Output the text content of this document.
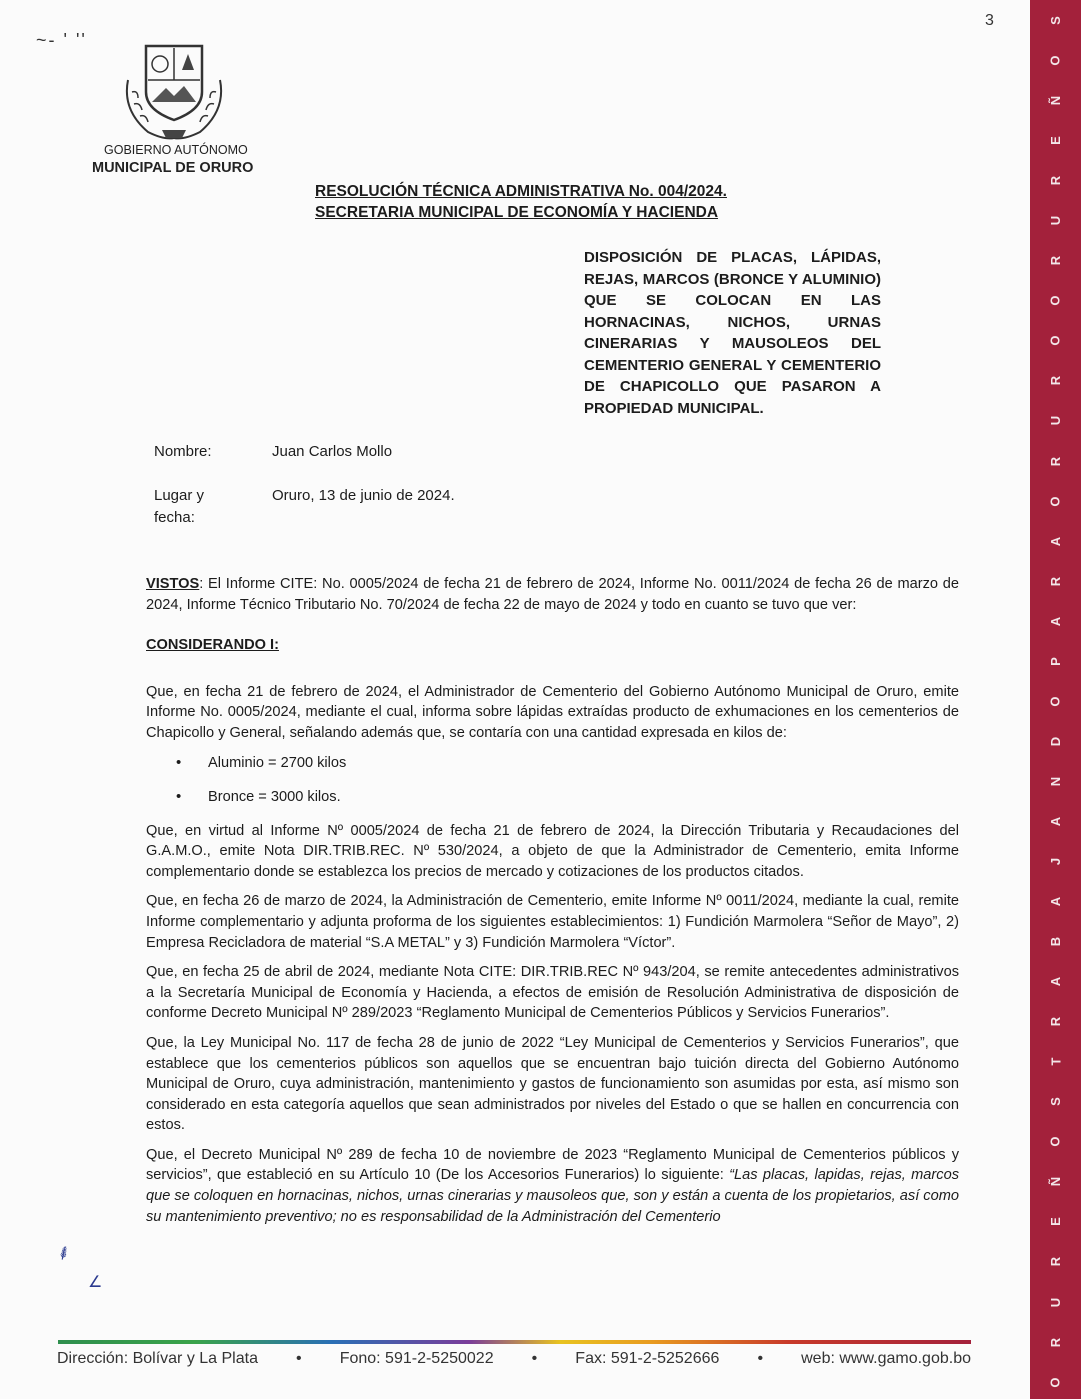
3
~- ' ''
GOBIERNO AUTÓNOMO
MUNICIPAL DE ORURO
RESOLUCIÓN TÉCNICA ADMINISTRATIVA No. 004/2024.
SECRETARIA MUNICIPAL DE ECONOMÍA Y HACIENDA
DISPOSICIÓN DE PLACAS, LÁPIDAS, REJAS, MARCOS (BRONCE Y ALUMINIO) QUE SE COLOCAN EN LAS HORNACINAS, NICHOS, URNAS CINERARIAS Y MAUSOLEOS DEL CEMENTERIO GENERAL Y CEMENTERIO DE CHAPICOLLO QUE PASARON A PROPIEDAD MUNICIPAL.
Nombre:	Juan Carlos Mollo
Lugar y fecha:
Oruro, 13 de junio de 2024.

VISTOS: El Informe CITE: No. 0005/2024 de fecha 21 de febrero de 2024, Informe No. 0011/2024 de fecha 26 de marzo de 2024, Informe Técnico Tributario No. 70/2024 de fecha 22 de mayo de 2024 y todo en cuanto se tuvo que ver:

CONSIDERANDO I:

Que, en fecha 21 de febrero de 2024, el Administrador de Cementerio del Gobierno Autónomo Municipal de Oruro, emite Informe No. 0005/2024, mediante el cual, informa sobre lápidas extraídas producto de exhumaciones en los cementerios de Chapicollo y General, señalando además que, se contaría con una cantidad expresada en kilos de:

• Aluminio = 2700 kilos
• Bronce = 3000 kilos.

Que, en virtud al Informe Nº 0005/2024 de fecha 21 de febrero de 2024, la Dirección Tributaria y Recaudaciones del G.A.M.O., emite Nota DIR.TRIB.REC. Nº 530/2024, a objeto de que la Administrador de Cementerio, emita Informe complementario donde se establezca los precios de mercado y cotizaciones de los productos citados.

Que, en fecha 26 de marzo de 2024, la Administración de Cementerio, emite Informe Nº 0011/2024, mediante la cual, remite Informe complementario y adjunta proforma de los siguientes establecimientos: 1) Fundición Marmolera “Señor de Mayo”, 2) Empresa Recicladora de material “S.A METAL” y 3) Fundición Marmolera “Víctor”.

Que, en fecha 25 de abril de 2024, mediante Nota CITE: DIR.TRIB.REC Nº 943/204, se remite antecedentes administrativos a la Secretaría Municipal de Economía y Hacienda, a efectos de emisión de Resolución Administrativa de disposición de conforme Decreto Municipal Nº 289/2023 “Reglamento Municipal de Cementerios Públicos y Servicios Funerarios”.

Que, la Ley Municipal No. 117 de fecha 28 de junio de 2022 “Ley Municipal de Cementerios y Servicios Funerarios”, que establece que los cementerios públicos son aquellos que se encuentran bajo tuición directa del Gobierno Autónomo Municipal de Oruro, cuya administración, mantenimiento y gastos de funcionamiento son asumidas por esta, así mismo son considerado en esta categoría aquellos que sean administrados por niveles del Estado o que se hallen en concurrencia con estos.

Que, el Decreto Municipal Nº 289 de fecha 10 de noviembre de 2023 “Reglamento Municipal de Cementerios públicos y servicios”, que estableció en su Artículo 10 (De los Accesorios Funerarios) lo siguiente: “Las placas, lapidas, rejas, marcos que se coloquen en hornacinas, nichos, urnas cinerarias y mausoleos que, son y están a cuenta de los propietarios, así como su mantenimiento preventivo; no es responsabilidad de la Administración del Cementerio

⸙
∠
Dirección: Bolívar y La Plata • Fono: 591-2-5250022 • Fax: 591-2-5252666 • web: www.gamo.gob.bo
S
O
Ñ
E
R
U
R
O
O
R
U
R
O
A
R
A
P
O
D
N
A
J
A
B
A
R
T
S
O
Ñ
E
R
U
R
O
